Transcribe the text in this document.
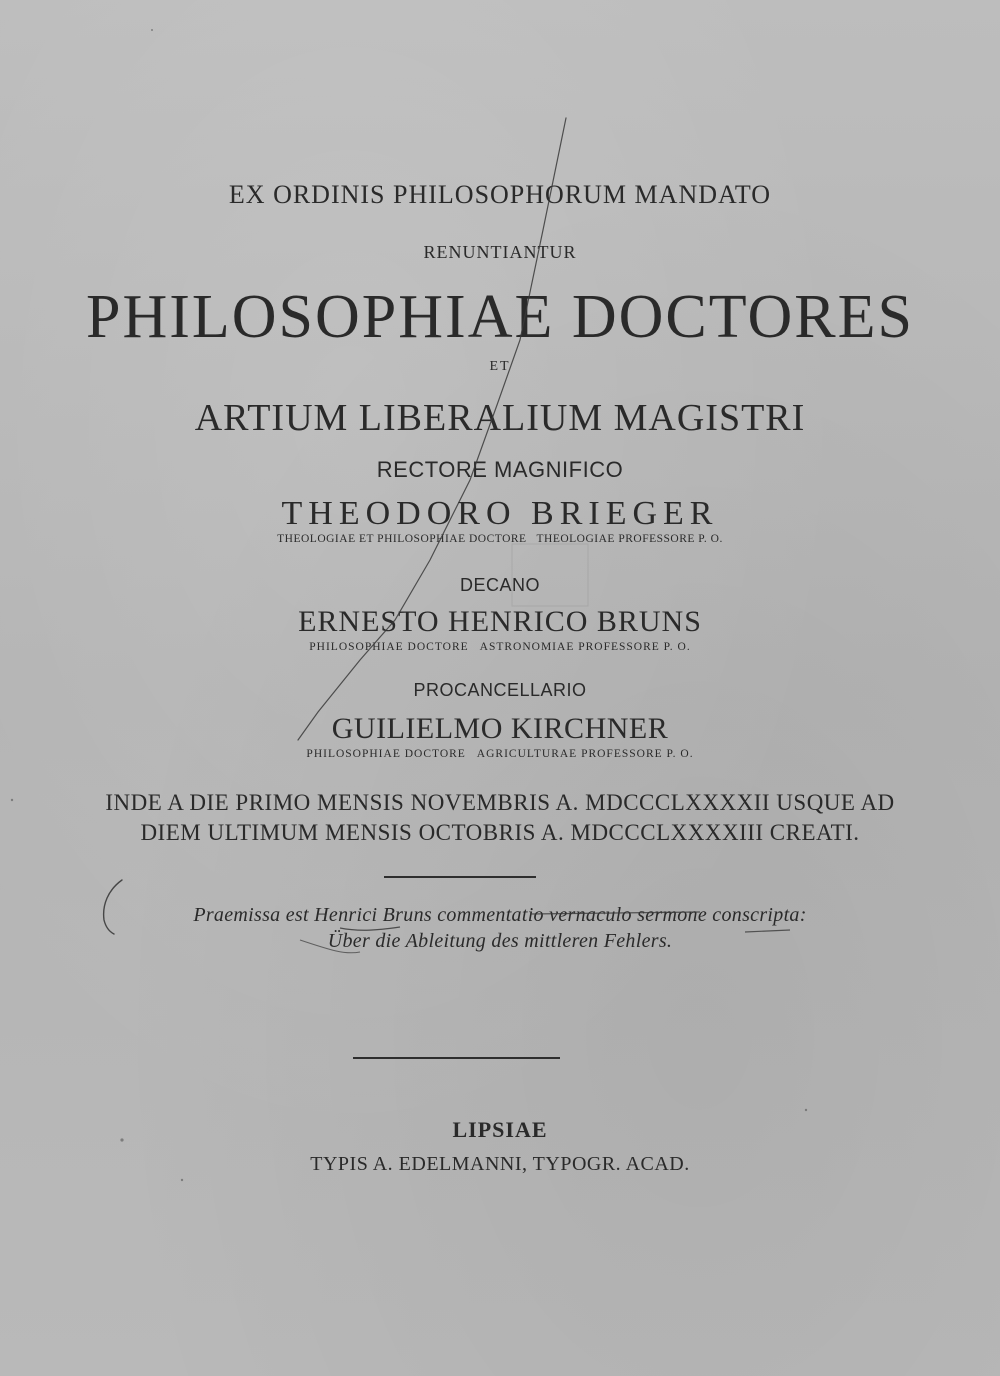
EX ORDINIS PHILOSOPHORUM MANDATO
RENUNTIANTUR
PHILOSOPHIAE DOCTORES
ET
ARTIUM LIBERALIUM MAGISTRI
RECTORE MAGNIFICO
THEODORO BRIEGER
THEOLOGIAE ET PHILOSOPHIAE DOCTORE   THEOLOGIAE PROFESSORE P. O.
DECANO
ERNESTO HENRICO BRUNS
PHILOSOPHIAE DOCTORE   ASTRONOMIAE PROFESSORE P. O.
PROCANCELLARIO
GUILIELMO KIRCHNER
PHILOSOPHIAE DOCTORE   AGRICULTURAE PROFESSORE P. O.
INDE A DIE PRIMO MENSIS NOVEMBRIS A. MDCCCLXXXXII USQUE AD
DIEM ULTIMUM MENSIS OCTOBRIS A. MDCCCLXXXXIII CREATI.
Praemissa est Henrici Bruns commentatio vernaculo sermone conscripta:
Über die Ableitung des mittleren Fehlers.
LIPSIAE
TYPIS A. EDELMANNI, TYPOGR. ACAD.
